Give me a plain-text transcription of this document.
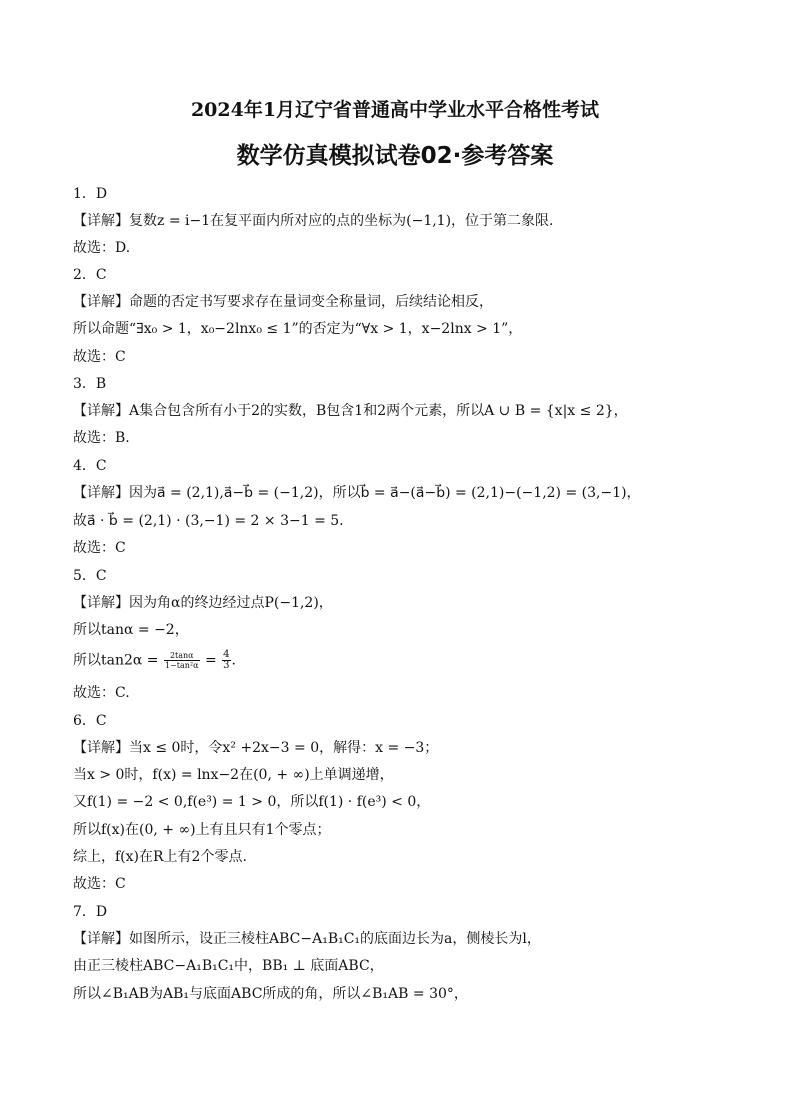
2024年1月辽宁省普通高中学业水平合格性考试
数学仿真模拟试卷02·参考答案
1．D
【详解】复数z = i−1在复平面内所对应的点的坐标为(−1,1)，位于第二象限.
故选：D.
2．C
【详解】命题的否定书写要求存在量词变全称量词，后续结论相反，
所以命题“∃x₀ > 1，x₀−2lnx₀ ≤ 1”的否定为“∀x > 1，x−2lnx > 1”，
故选：C
3．B
【详解】A集合包含所有小于2的实数，B包含1和2两个元素，所以A ∪ B = {x|x ≤ 2}，
故选：B.
4．C
【详解】因为a⃗ = (2,1),a⃗−b⃗ = (−1,2)，所以b⃗ = a⃗−(a⃗−b⃗) = (2,1)−(−1,2) = (3,−1)，
故a⃗ · b⃗ = (2,1) · (3,−1) = 2 × 3−1 = 5.
故选：C
5．C
【详解】因为角α的终边经过点P(−1,2)，
所以tanα = −2，
所以$\tan 2\alpha = \frac{2\tan\alpha}{\text{1−tan²α}} = \frac{4}{3}$ .
故选：C.
6．C
【详解】当x ≤ 0时，令x² +2x−3 = 0，解得：x = −3；
当x > 0时，f(x) = lnx−2在(0, + ∞)上单调递增，
又f(1) = −2 < 0,f(e³) = 1 > 0，所以f(1) · f(e³) < 0，
所以f(x)在(0, + ∞)上有且只有1个零点；
综上，f(x)在R上有2个零点.
故选：C
7．D
【详解】如图所示，设正三棱柱ABC−A₁B₁C₁的底面边长为a，侧棱长为l，
由正三棱柱ABC−A₁B₁C₁中，BB₁ ⊥ 底面ABC，
所以∠B₁AB为AB₁与底面ABC所成的角，所以∠B₁AB = 30°，
